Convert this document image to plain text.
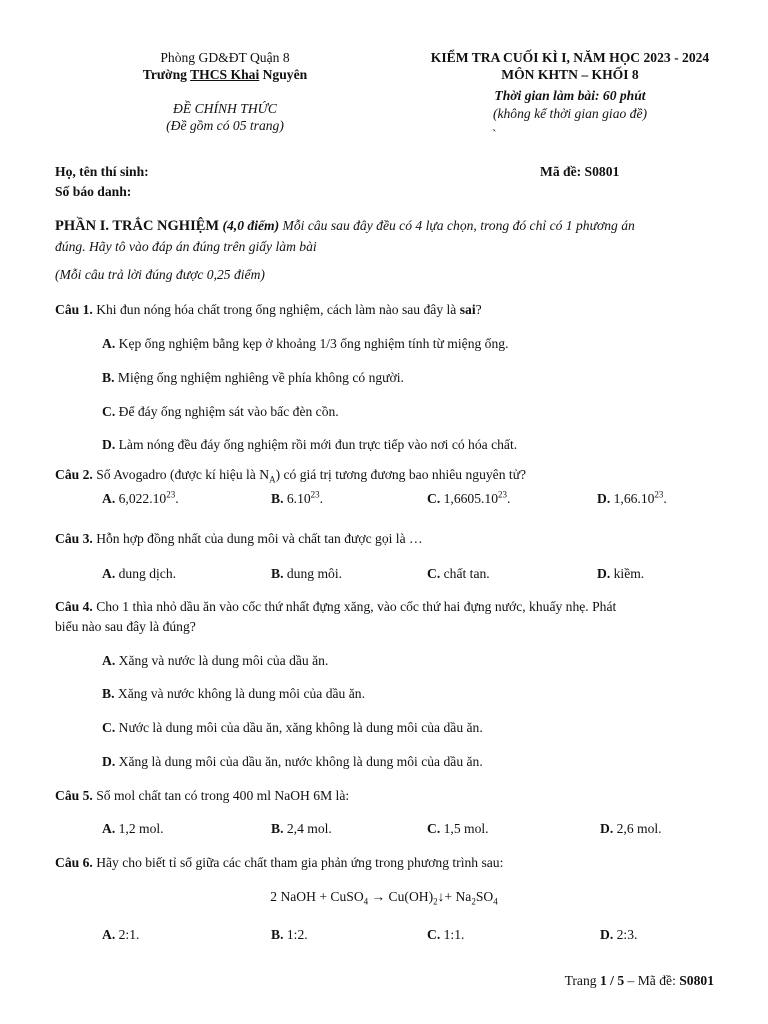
Phòng GD&ĐT Quận 8
Trường THCS Khai Nguyên
ĐỀ CHÍNH THỨC
(Đề gồm có 05 trang)
KIỂM TRA CUỐI KÌ I, NĂM HỌC 2023 - 2024
MÔN KHTN – KHỐI 8
Thời gian làm bài: 60 phút
(không kể thời gian giao đề)
`
Họ, tên thí sinh:
Số báo danh:
Mã đề: S0801
PHẦN I. TRẮC NGHIỆM (4,0 điểm) Mỗi câu sau đây đều có 4 lựa chọn, trong đó chỉ có 1 phương án
đúng. Hãy tô vào đáp án đúng trên giấy làm bài
(Mỗi câu trả lời đúng được 0,25 điểm)
Câu 1. Khi đun nóng hóa chất trong ống nghiệm, cách làm nào sau đây là sai?
A. Kẹp ống nghiệm bằng kẹp ở khoảng 1/3 ống nghiệm tính từ miệng ống.
B. Miệng ống nghiệm nghiêng về phía không có người.
C. Để đáy ống nghiệm sát vào bấc đèn cồn.
D. Làm nóng đều đáy ống nghiệm rồi mới đun trực tiếp vào nơi có hóa chất.
Câu 2. Số Avogadro (được kí hiệu là $N_A$) có giá trị tương đương bao nhiêu nguyên tử?
A. 6,022.10$^{23}$.	B. 6.10$^{23}$.	C. 1,6605.10$^{23}$.	D. 1,66.10$^{23}$.
Câu 3. Hỗn hợp đồng nhất của dung môi và chất tan được gọi là …
A. dung dịch.	B. dung môi.	C. chất tan.	D. kiềm.
Câu 4. Cho 1 thìa nhỏ dầu ăn vào cốc thứ nhất đựng xăng, vào cốc thứ hai đựng nước, khuấy nhẹ. Phát
biểu nào sau đây là đúng?
A. Xăng và nước là dung môi của dầu ăn.
B. Xăng và nước không là dung môi của dầu ăn.
C. Nước là dung môi của dầu ăn, xăng không là dung môi của dầu ăn.
D. Xăng là dung môi của dầu ăn, nước không là dung môi của dầu ăn.
Câu 5. Số mol chất tan có trong 400 ml NaOH 6M là:
A. 1,2 mol.	B. 2,4 mol.	C. 1,5 mol.	D. 2,6 mol.
Câu 6. Hãy cho biết tỉ số giữa các chất tham gia phản ứng trong phương trình sau:
2 NaOH + CuSO$_4$ → $Cu(OH)_2↓+ Na_2SO_4$
A. 2:1.	B. 1:2.	C. 1:1.	D. 2:3.
Trang 1 / 5 – Mã đề: S0801
